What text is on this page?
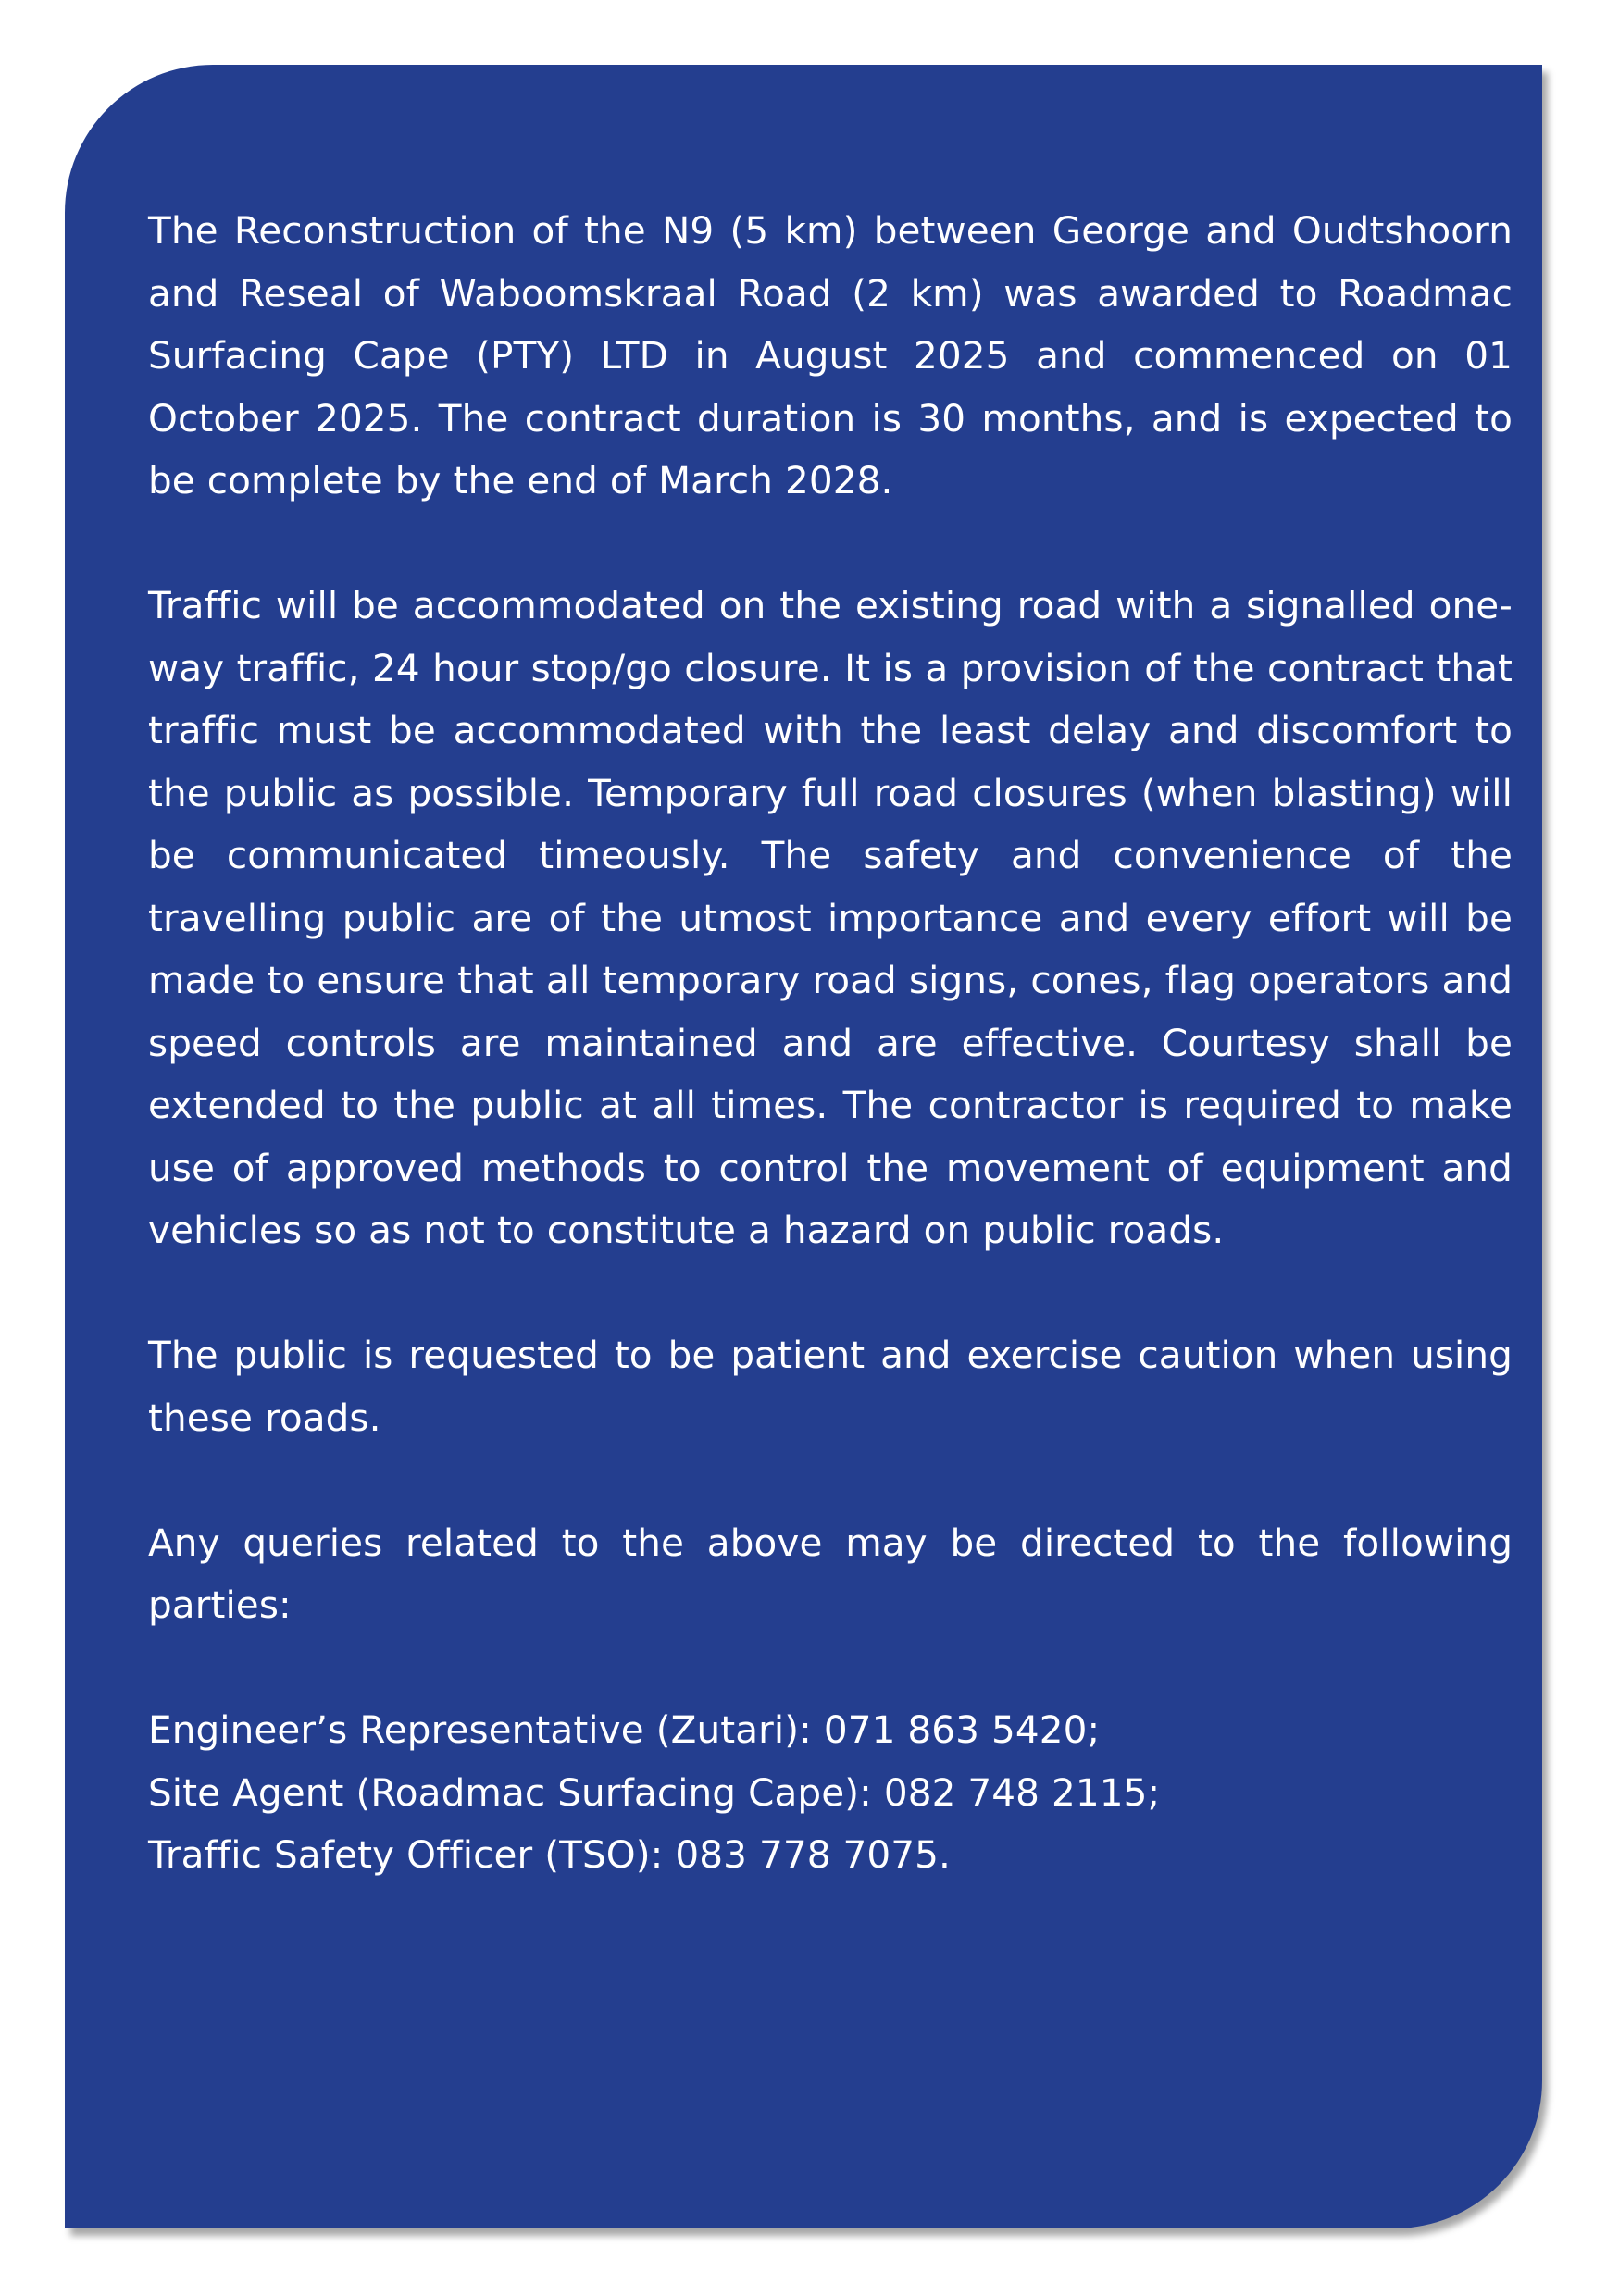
The Reconstruction of the N9 (5 km) between George and Oudtshoorn and Reseal of Waboomskraal Road (2 km) was awarded to Roadmac Surfacing Cape (PTY) LTD in August 2025 and commenced on 01 October 2025. The contract duration is 30 months, and is expected to be complete by the end of March 2028.

Traffic will be accommodated on the existing road with a signalled one-way traffic, 24 hour stop/go closure. It is a provision of the contract that traffic must be accommodated with the least delay and discomfort to the public as possible. Temporary full road closures (when blasting) will be communicated timeously. The safety and convenience of the travelling public are of the utmost importance and every effort will be made to ensure that all temporary road signs, cones, flag operators and speed controls are maintained and are effective. Courtesy shall be extended to the public at all times. The contractor is required to make use of approved methods to control the movement of equipment and vehicles so as not to constitute a hazard on public roads.

The public is requested to be patient and exercise caution when using these roads.

Any queries related to the above may be directed to the following parties:

Engineer’s Representative (Zutari): 071 863 5420;
Site Agent (Roadmac Surfacing Cape): 082 748 2115;
Traffic Safety Officer (TSO): 083 778 7075.
